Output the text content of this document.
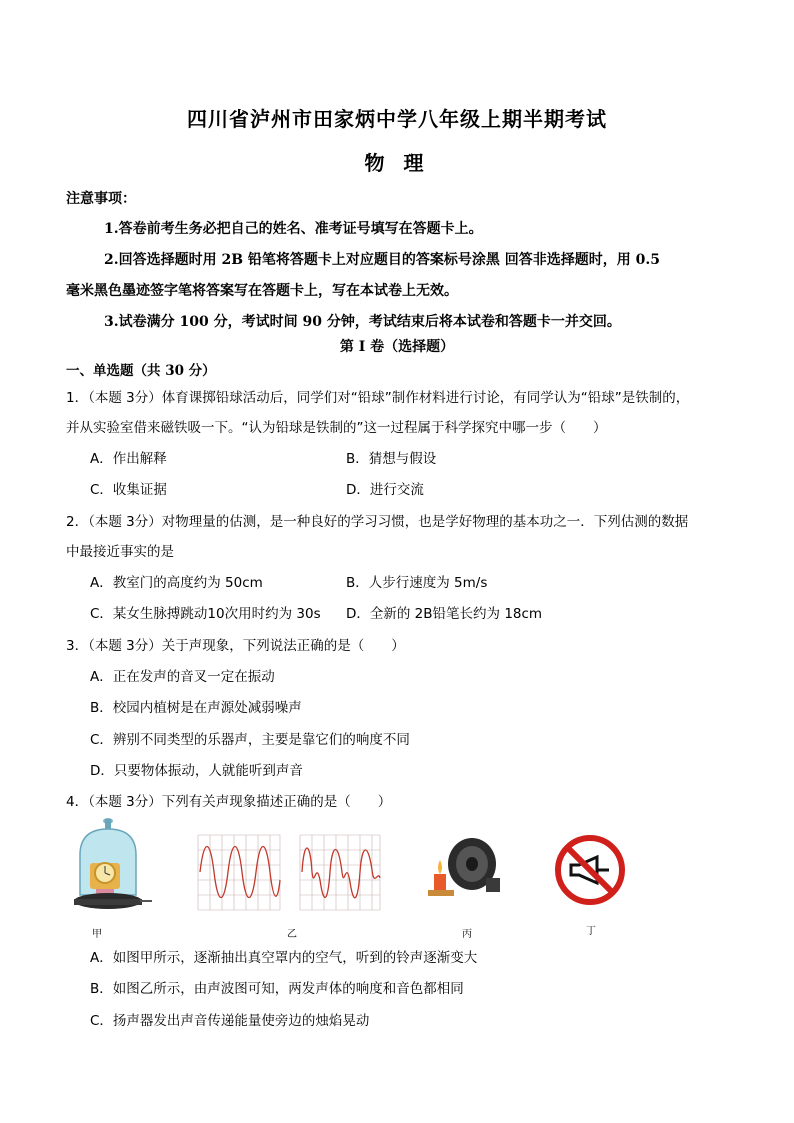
四川省泸州市田家炳中学八年级上期半期考试
物 理
注意事项：
1.答卷前考生务必把自己的姓名、准考证号填写在答题卡上。
2.回答选择题时用 2B 铅笔将答题卡上对应题目的答案标号涂黑 回答非选择题时，用 0.5
毫米黑色墨迹签字笔将答案写在答题卡上，写在本试卷上无效。
3.试卷满分 100 分，考试时间 90 分钟，考试结束后将本试卷和答题卡一并交回。
第 I 卷（选择题）
一、单选题（共 30 分）
1．（本题 3分）体育课掷铅球活动后，同学们对“铅球”制作材料进行讨论，有同学认为“铅球”是铁制的，
并从实验室借来磁铁吸一下。“认为铅球是铁制的”这一过程属于科学探究中哪一步（　　）
A．作出解释	B．猜想与假设
C．收集证据	D．进行交流
2．（本题 3分）对物理量的估测，是一种良好的学习习惯，也是学好物理的基本功之一．下列估测的数据
中最接近事实的是
A．教室门的高度约为 50cm	B．人步行速度为 5m/s
C．某女生脉搏跳动10次用时约为 30s D．全新的 2B铅笔长约为 18cm
3．（本题 3分）关于声现象，下列说法正确的是（　　）
A．正在发声的音叉一定在振动
B．校园内植树是在声源处减弱噪声
C．辨别不同类型的乐器声，主要是靠它们的响度不同
D．只要物体振动，人就能听到声音
4．（本题 3分）下列有关声现象描述正确的是（　　）
甲	乙	丙	丁
A．如图甲所示，逐渐抽出真空罩内的空气，听到的铃声逐渐变大
B．如图乙所示，由声波图可知，两发声体的响度和音色都相同
C．扬声器发出声音传递能量使旁边的烛焰晃动
